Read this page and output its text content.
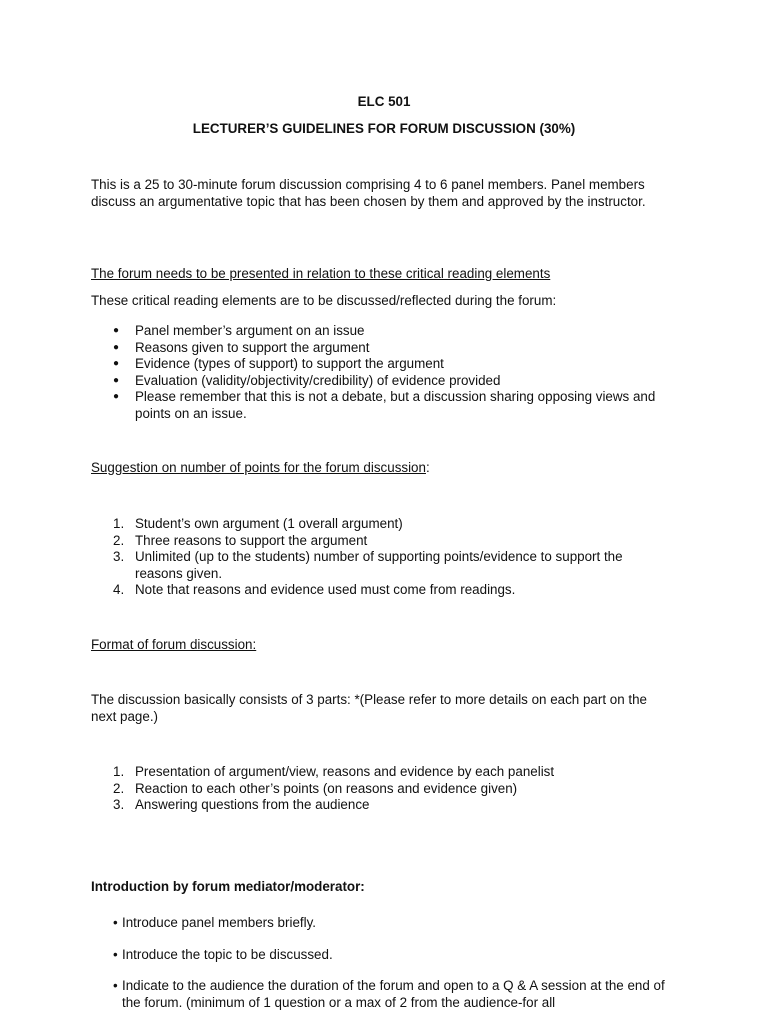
ELC 501
LECTURER’S GUIDELINES FOR FORUM DISCUSSION (30%)
This is a 25 to 30-minute forum discussion comprising 4 to 6 panel members. Panel members discuss an argumentative topic that has been chosen by them and approved by the instructor.
The forum needs to be presented in relation to these critical reading elements
These critical reading elements are to be discussed/reflected during the forum:
● Panel member’s argument on an issue
● Reasons given to support the argument
● Evidence (types of support) to support the argument
● Evaluation (validity/objectivity/credibility) of evidence provided
● Please remember that this is not a debate, but a discussion sharing opposing views and points on an issue.
Suggestion on number of points for the forum discussion:
1. Student’s own argument (1 overall argument)
2. Three reasons to support the argument
3. Unlimited (up to the students) number of supporting points/evidence to support the reasons given.
4. Note that reasons and evidence used must come from readings.
Format of forum discussion:
The discussion basically consists of 3 parts: *(Please refer to more details on each part on the next page.)
1. Presentation of argument/view, reasons and evidence by each panelist
2. Reaction to each other’s points (on reasons and evidence given)
3. Answering questions from the audience
Introduction by forum mediator/moderator:
• Introduce panel members briefly.
• Introduce the topic to be discussed.
• Indicate to the audience the duration of the forum and open to a Q & A session at the end of the forum. (minimum of 1 question or a max of 2 from the audience-for all
